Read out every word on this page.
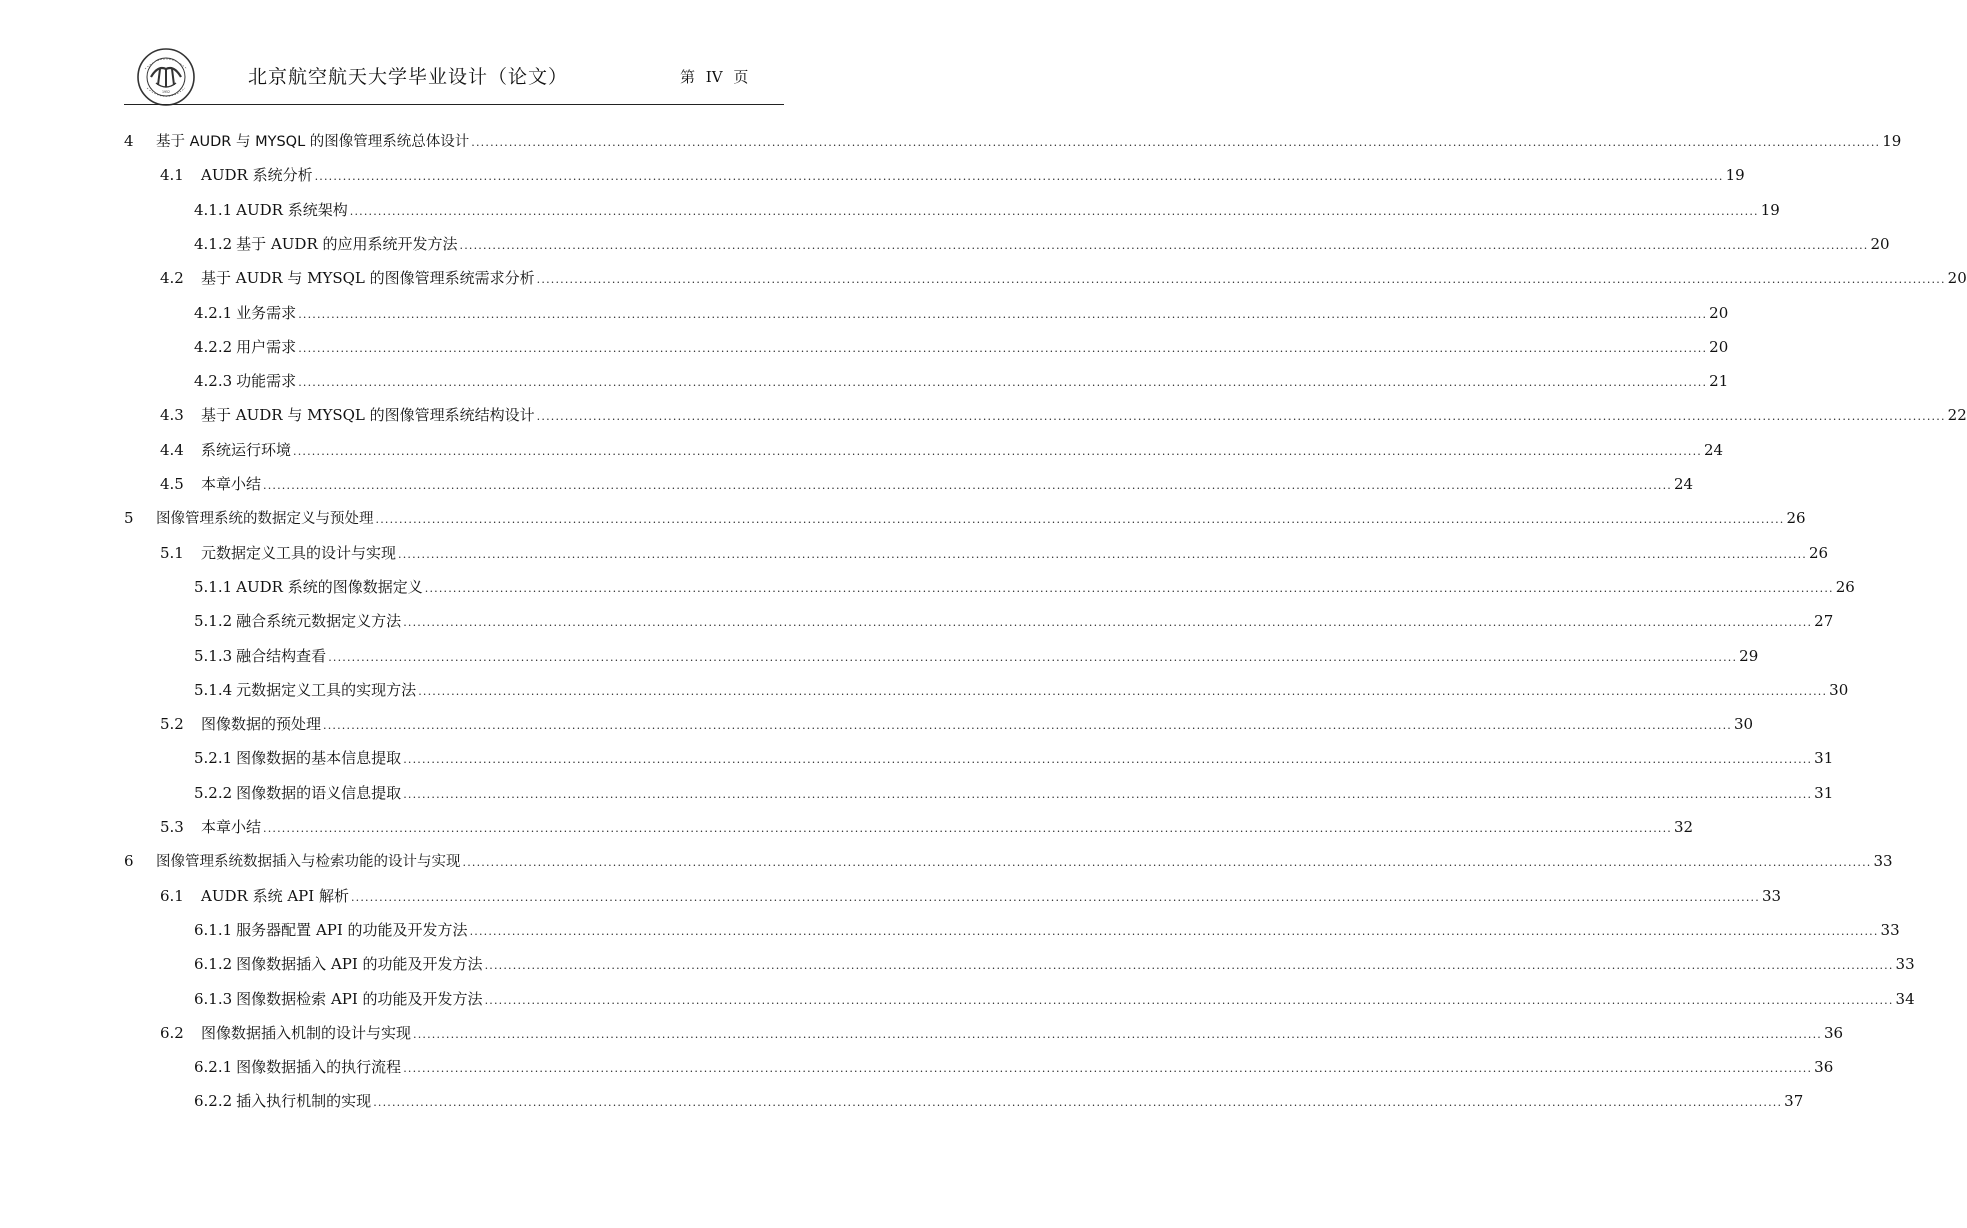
1952
北京航空航天大学毕业设计（论文）	第 IV 页
4	基于 AUDR 与 MYSQL 的图像管理系统总体设计 ............................................................................................................................................................................................................................................................................................................ 19
4.1	AUDR 系统分析 ............................................................................................................................................................................................................................................................................................................ 19
4.1.1 AUDR 系统架构 ............................................................................................................................................................................................................................................................................................................ 19
4.1.2 基于 AUDR 的应用系统开发方法 ............................................................................................................................................................................................................................................................................................................ 20
4.2	基于 AUDR 与 MYSQL 的图像管理系统需求分析 ............................................................................................................................................................................................................................................................................................................ 20
4.2.1 业务需求 ............................................................................................................................................................................................................................................................................................................ 20
4.2.2 用户需求 ............................................................................................................................................................................................................................................................................................................ 20
4.2.3 功能需求 ............................................................................................................................................................................................................................................................................................................ 21
4.3	基于 AUDR 与 MYSQL 的图像管理系统结构设计 ............................................................................................................................................................................................................................................................................................................ 22
4.4	系统运行环境 ............................................................................................................................................................................................................................................................................................................ 24
4.5	本章小结 ............................................................................................................................................................................................................................................................................................................ 24
5	图像管理系统的数据定义与预处理 ............................................................................................................................................................................................................................................................................................................ 26
5.1	元数据定义工具的设计与实现 ............................................................................................................................................................................................................................................................................................................ 26
5.1.1 AUDR 系统的图像数据定义 ............................................................................................................................................................................................................................................................................................................ 26
5.1.2 融合系统元数据定义方法 ............................................................................................................................................................................................................................................................................................................ 27
5.1.3 融合结构查看 ............................................................................................................................................................................................................................................................................................................ 29
5.1.4 元数据定义工具的实现方法 ............................................................................................................................................................................................................................................................................................................ 30
5.2	图像数据的预处理 ............................................................................................................................................................................................................................................................................................................ 30
5.2.1 图像数据的基本信息提取 ............................................................................................................................................................................................................................................................................................................ 31
5.2.2 图像数据的语义信息提取 ............................................................................................................................................................................................................................................................................................................ 31
5.3	本章小结 ............................................................................................................................................................................................................................................................................................................ 32
6	图像管理系统数据插入与检索功能的设计与实现 ............................................................................................................................................................................................................................................................................................................ 33
6.1	AUDR 系统 API 解析 ............................................................................................................................................................................................................................................................................................................ 33
6.1.1 服务器配置 API 的功能及开发方法 ............................................................................................................................................................................................................................................................................................................ 33
6.1.2 图像数据插入 API 的功能及开发方法 ............................................................................................................................................................................................................................................................................................................ 33
6.1.3 图像数据检索 API 的功能及开发方法 ............................................................................................................................................................................................................................................................................................................ 34
6.2	图像数据插入机制的设计与实现 ............................................................................................................................................................................................................................................................................................................ 36
6.2.1 图像数据插入的执行流程 ............................................................................................................................................................................................................................................................................................................ 36
6.2.2 插入执行机制的实现 ............................................................................................................................................................................................................................................................................................................ 37
